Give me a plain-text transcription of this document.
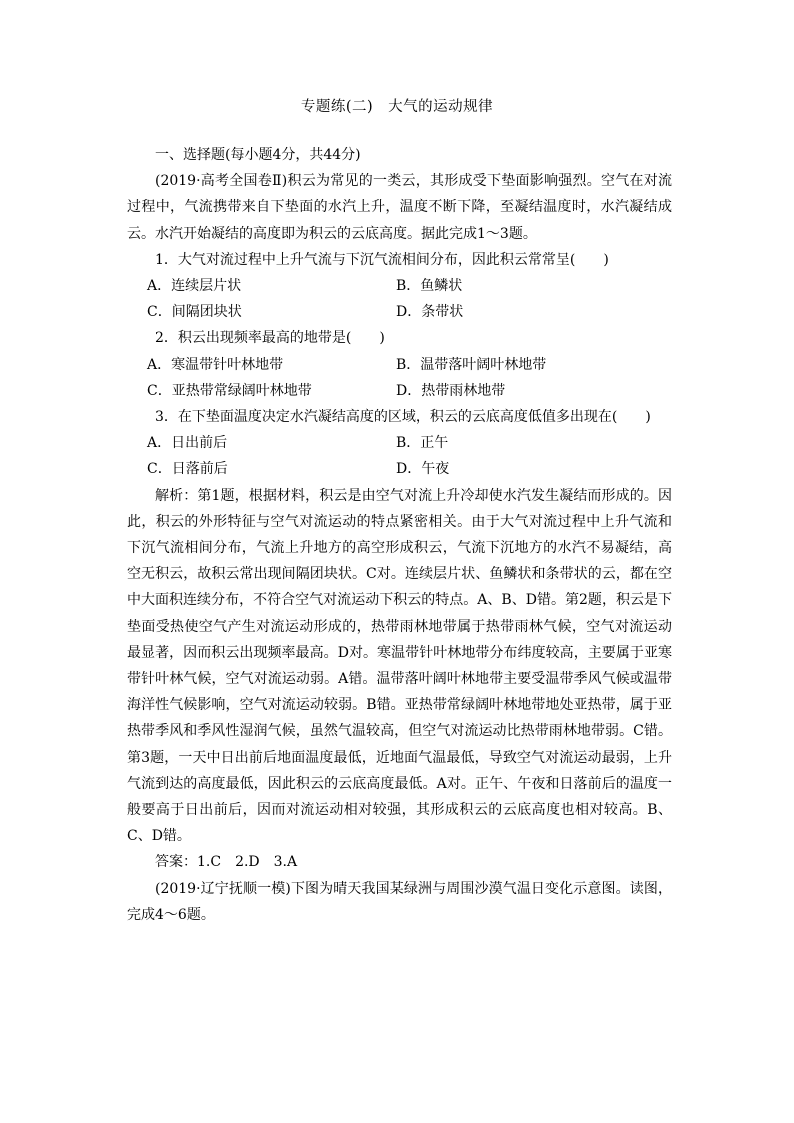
专题练(二)　大气的运动规律

一、选择题(每小题4分，共44分)

(2019·高考全国卷Ⅱ)积云为常见的一类云，其形成受下垫面影响强烈。空气在对流过程中，气流携带来自下垫面的水汽上升，温度不断下降，至凝结温度时，水汽凝结成云。水汽开始凝结的高度即为积云的云底高度。据此完成1～3题。

1．大气对流过程中上升气流与下沉气流相间分布，因此积云常常呈(　　)

A．连续层片状	B．鱼鳞状
C．间隔团块状	D．条带状

2．积云出现频率最高的地带是(　　)

A．寒温带针叶林地带	B．温带落叶阔叶林地带
C．亚热带常绿阔叶林地带	D．热带雨林地带

3．在下垫面温度决定水汽凝结高度的区域，积云的云底高度低值多出现在(　　)

A．日出前后	B．正午
C．日落前后	D．午夜

解析：第1题，根据材料，积云是由空气对流上升冷却使水汽发生凝结而形成的。因此，积云的外形特征与空气对流运动的特点紧密相关。由于大气对流过程中上升气流和下沉气流相间分布，气流上升地方的高空形成积云，气流下沉地方的水汽不易凝结，高空无积云，故积云常出现间隔团块状。C对。连续层片状、鱼鳞状和条带状的云，都在空中大面积连续分布，不符合空气对流运动下积云的特点。A、B、D错。第2题，积云是下垫面受热使空气产生对流运动形成的，热带雨林地带属于热带雨林气候，空气对流运动最显著，因而积云出现频率最高。D对。寒温带针叶林地带分布纬度较高，主要属于亚寒带针叶林气候，空气对流运动弱。A错。温带落叶阔叶林地带主要受温带季风气候或温带海洋性气候影响，空气对流运动较弱。B错。亚热带常绿阔叶林地带地处亚热带，属于亚热带季风和季风性湿润气候，虽然气温较高，但空气对流运动比热带雨林地带弱。C错。第3题，一天中日出前后地面温度最低，近地面气温最低，导致空气对流运动最弱，上升气流到达的高度最低，因此积云的云底高度最低。A对。正午、午夜和日落前后的温度一般要高于日出前后，因而对流运动相对较强，其形成积云的云底高度也相对较高。B、C、D错。

答案：1.C　2.D　3.A

(2019·辽宁抚顺一模)下图为晴天我国某绿洲与周围沙漠气温日变化示意图。读图，完成4～6题。
